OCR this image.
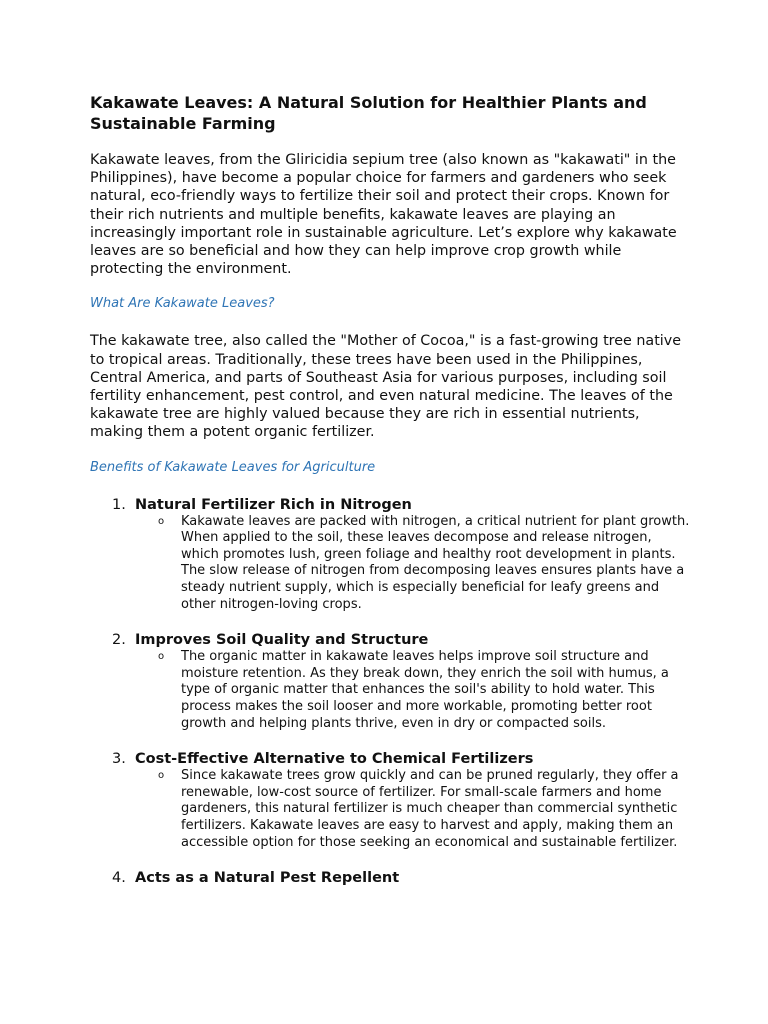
Kakawate Leaves: A Natural Solution for Healthier Plants and Sustainable Farming

Kakawate leaves, from the Gliricidia sepium tree (also known as "kakawati" in the Philippines), have become a popular choice for farmers and gardeners who seek natural, eco-friendly ways to fertilize their soil and protect their crops. Known for their rich nutrients and multiple benefits, kakawate leaves are playing an increasingly important role in sustainable agriculture. Let’s explore why kakawate leaves are so beneficial and how they can help improve crop growth while protecting the environment.

What Are Kakawate Leaves?

The kakawate tree, also called the "Mother of Cocoa," is a fast-growing tree native to tropical areas. Traditionally, these trees have been used in the Philippines, Central America, and parts of Southeast Asia for various purposes, including soil fertility enhancement, pest control, and even natural medicine. The leaves of the kakawate tree are highly valued because they are rich in essential nutrients, making them a potent organic fertilizer.

Benefits of Kakawate Leaves for Agriculture

1. Natural Fertilizer Rich in Nitrogen
o Kakawate leaves are packed with nitrogen, a critical nutrient for plant growth. When applied to the soil, these leaves decompose and release nitrogen, which promotes lush, green foliage and healthy root development in plants. The slow release of nitrogen from decomposing leaves ensures plants have a steady nutrient supply, which is especially beneficial for leafy greens and other nitrogen-loving crops.
2. Improves Soil Quality and Structure
o The organic matter in kakawate leaves helps improve soil structure and moisture retention. As they break down, they enrich the soil with humus, a type of organic matter that enhances the soil's ability to hold water. This process makes the soil looser and more workable, promoting better root growth and helping plants thrive, even in dry or compacted soils.
3. Cost-Effective Alternative to Chemical Fertilizers
o Since kakawate trees grow quickly and can be pruned regularly, they offer a renewable, low-cost source of fertilizer. For small-scale farmers and home gardeners, this natural fertilizer is much cheaper than commercial synthetic fertilizers. Kakawate leaves are easy to harvest and apply, making them an accessible option for those seeking an economical and sustainable fertilizer.
4. Acts as a Natural Pest Repellent
